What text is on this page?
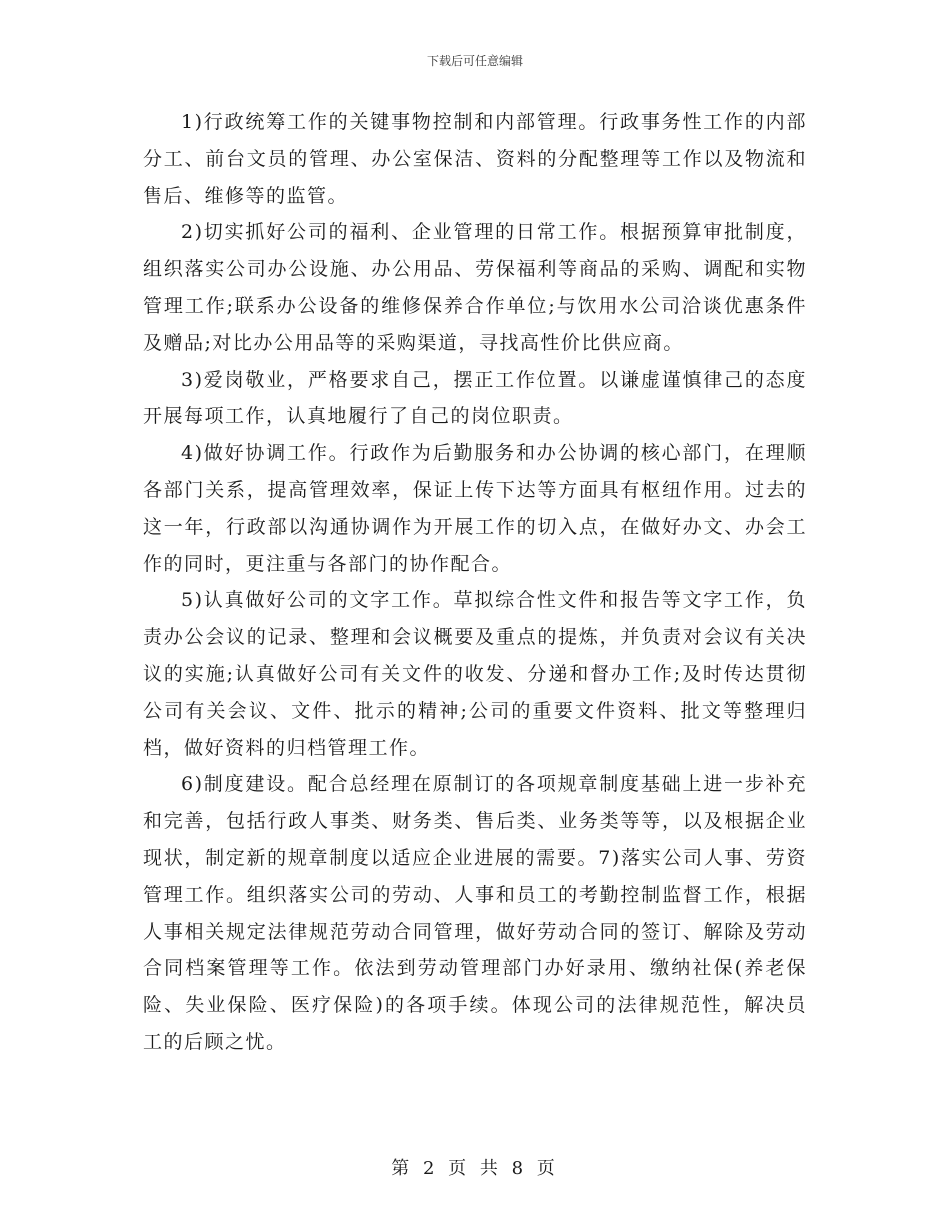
下载后可任意编辑

1)行政统筹工作的关键事物控制和内部管理。行政事务性工作的内部分工、前台文员的管理、办公室保洁、资料的分配整理等工作以及物流和售后、维修等的监管。

2)切实抓好公司的福利、企业管理的日常工作。根据预算审批制度，组织落实公司办公设施、办公用品、劳保福利等商品的采购、调配和实物管理工作;联系办公设备的维修保养合作单位;与饮用水公司洽谈优惠条件及赠品;对比办公用品等的采购渠道，寻找高性价比供应商。

3)爱岗敬业，严格要求自己，摆正工作位置。以谦虚谨慎律己的态度开展每项工作，认真地履行了自己的岗位职责。

4)做好协调工作。行政作为后勤服务和办公协调的核心部门，在理顺各部门关系，提高管理效率，保证上传下达等方面具有枢纽作用。过去的这一年，行政部以沟通协调作为开展工作的切入点，在做好办文、办会工作的同时，更注重与各部门的协作配合。

5)认真做好公司的文字工作。草拟综合性文件和报告等文字工作，负责办公会议的记录、整理和会议概要及重点的提炼，并负责对会议有关决议的实施;认真做好公司有关文件的收发、分递和督办工作;及时传达贯彻公司有关会议、文件、批示的精神;公司的重要文件资料、批文等整理归档，做好资料的归档管理工作。

6)制度建设。配合总经理在原制订的各项规章制度基础上进一步补充和完善，包括行政人事类、财务类、售后类、业务类等等，以及根据企业现状，制定新的规章制度以适应企业进展的需要。7)落实公司人事、劳资管理工作。组织落实公司的劳动、人事和员工的考勤控制监督工作，根据人事相关规定法律规范劳动合同管理，做好劳动合同的签订、解除及劳动合同档案管理等工作。依法到劳动管理部门办好录用、缴纳社保(养老保险、失业保险、医疗保险)的各项手续。体现公司的法律规范性，解决员工的后顾之忧。

第 2 页 共 8 页
